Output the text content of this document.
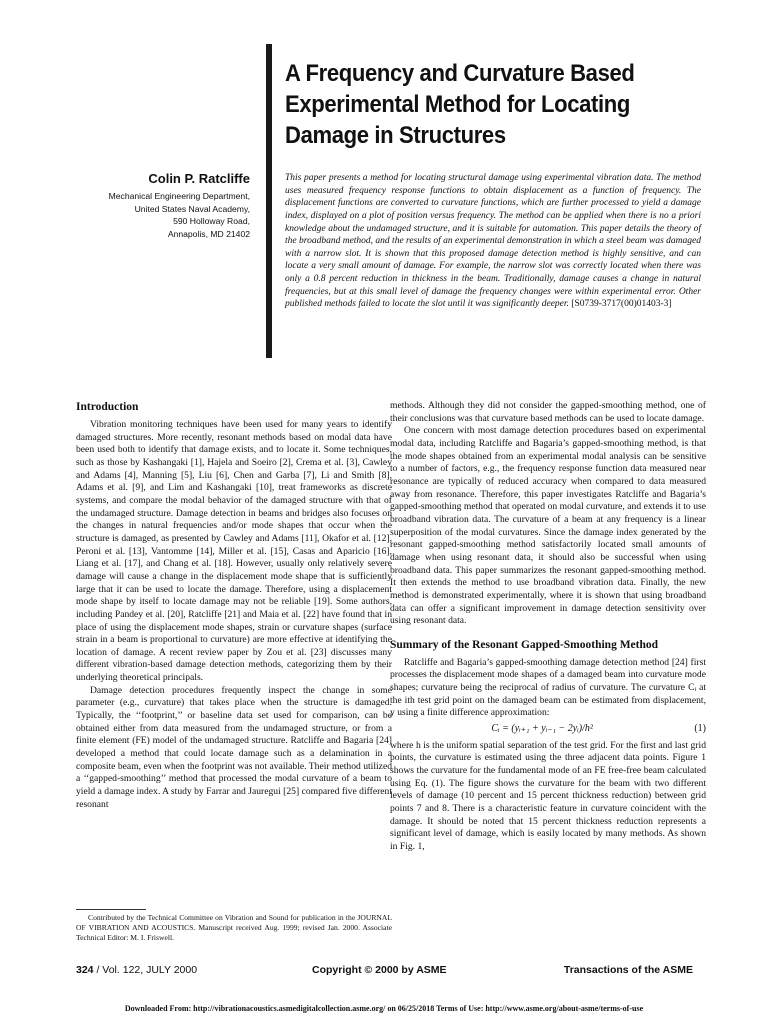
A Frequency and Curvature Based Experimental Method for Locating Damage in Structures
Colin P. Ratcliffe
Mechanical Engineering Department,
United States Naval Academy,
590 Holloway Road,
Annapolis, MD 21402
This paper presents a method for locating structural damage using experimental vibration data. The method uses measured frequency response functions to obtain displacement as a function of frequency. The displacement functions are converted to curvature functions, which are further processed to yield a damage index, displayed on a plot of position versus frequency. The method can be applied when there is no a priori knowledge about the undamaged structure, and it is suitable for automation. This paper details the theory of the broadband method, and the results of an experimental demonstration in which a steel beam was damaged with a narrow slot. It is shown that this proposed damage detection method is highly sensitive, and can locate a very small amount of damage. For example, the narrow slot was correctly located when there was only a 0.8 percent reduction in thickness in the beam. Traditionally, damage causes a change in natural frequencies, but at this small level of damage the frequency changes were within experimental error. Other published methods failed to locate the slot until it was significantly deeper. [S0739-3717(00)01403-3]
Introduction

Vibration monitoring techniques have been used for many years to identify damaged structures. More recently, resonant methods based on modal data have been used both to identify that damage exists, and to locate it. Some techniques, such as those by Kashangaki [1], Hajela and Soeiro [2], Crema et al. [3], Cawley and Adams [4], Manning [5], Liu [6], Chen and Garba [7], Li and Smith [8], Adams et al. [9], and Lim and Kashangaki [10], treat frameworks as discrete systems, and compare the modal behavior of the damaged structure with that of the undamaged structure. Damage detection in beams and bridges also focuses on the changes in natural frequencies and/or mode shapes that occur when the structure is damaged, as presented by Cawley and Adams [11], Okafor et al. [12], Peroni et al. [13], Vantomme [14], Miller et al. [15], Casas and Aparicio [16], Liang et al. [17], and Chang et al. [18]. However, usually only relatively severe damage will cause a change in the displacement mode shape that is sufficiently large that it can be used to locate the damage. Therefore, using a displacement mode shape by itself to locate damage may not be reliable [19]. Some authors, including Pandey et al. [20], Ratcliffe [21] and Maia et al. [22] have found that in place of using the displacement mode shapes, strain or curvature shapes (surface strain in a beam is proportional to curvature) are more effective at identifying the location of damage. A recent review paper by Zou et al. [23] discusses many different vibration-based damage detection methods, categorizing them by their underlying theoretical principals.

Damage detection procedures frequently inspect the change in some parameter (e.g., curvature) that takes place when the structure is damaged. Typically, the ‘‘footprint,’’ or baseline data set used for comparison, can be obtained either from data measured from the undamaged structure, or from a finite element (FE) model of the undamaged structure. Ratcliffe and Bagaria [24] developed a method that could locate damage such as a delamination in a composite beam, even when the footprint was not available. Their method utilized a ‘‘gapped-smoothing’’ method that processed the modal curvature of a beam to yield a damage index. A study by Farrar and Jauregui [25] compared five different resonant

methods. Although they did not consider the gapped-smoothing method, one of their conclusions was that curvature based methods can be used to locate damage.

One concern with most damage detection procedures based on experimental modal data, including Ratcliffe and Bagaria’s gapped-smoothing method, is that the mode shapes obtained from an experimental modal analysis can be sensitive to a number of factors, e.g., the frequency response function data measured near resonance are typically of reduced accuracy when compared to data measured away from resonance. Therefore, this paper investigates Ratcliffe and Bagaria’s gapped-smoothing method that operated on modal curvature, and extends it to use broadband vibration data. The curvature of a beam at any frequency is a linear superposition of the modal curvatures. Since the damage index generated by the resonant gapped-smoothing method satisfactorily located small amounts of damage when using resonant data, it should also be successful when using broadband data. This paper summarizes the resonant gapped-smoothing method. It then extends the method to use broadband vibration data. Finally, the new method is demonstrated experimentally, where it is shown that using broadband data can offer a significant improvement in damage detection sensitivity over using resonant data.

Summary of the Resonant Gapped-Smoothing Method

Ratcliffe and Bagaria’s gapped-smoothing damage detection method [24] first processes the displacement mode shapes of a damaged beam into curvature mode shapes; curvature being the reciprocal of radius of curvature. The curvature Cᵢ at the ith test grid point on the damaged beam can be estimated from displacement, y using a finite difference approximation:

Cᵢ = (yᵢ₊₁ + yᵢ₋₁ − 2yᵢ)/h²	(1)

where h is the uniform spatial separation of the test grid. For the first and last grid points, the curvature is estimated using the three adjacent data points. Figure 1 shows the curvature for the fundamental mode of an FE free-free beam calculated using Eq. (1). The figure shows the curvature for the beam with two different levels of damage (10 percent and 15 percent thickness reduction) between grid points 7 and 8. There is a characteristic feature in curvature coincident with the damage. It should be noted that 15 percent thickness reduction represents a significant level of damage, which is easily located by many methods. As shown in Fig. 1,

Contributed by the Technical Committee on Vibration and Sound for publication in the JOURNAL OF VIBRATION AND ACOUSTICS. Manuscript received Aug. 1999; revised Jan. 2000. Associate Technical Editor: M. I. Friswell.
324 / Vol. 122, JULY 2000	Copyright © 2000 by ASME	Transactions of the ASME
Downloaded From: http://vibrationacoustics.asmedigitalcollection.asme.org/ on 06/25/2018 Terms of Use: http://www.asme.org/about-asme/terms-of-use
